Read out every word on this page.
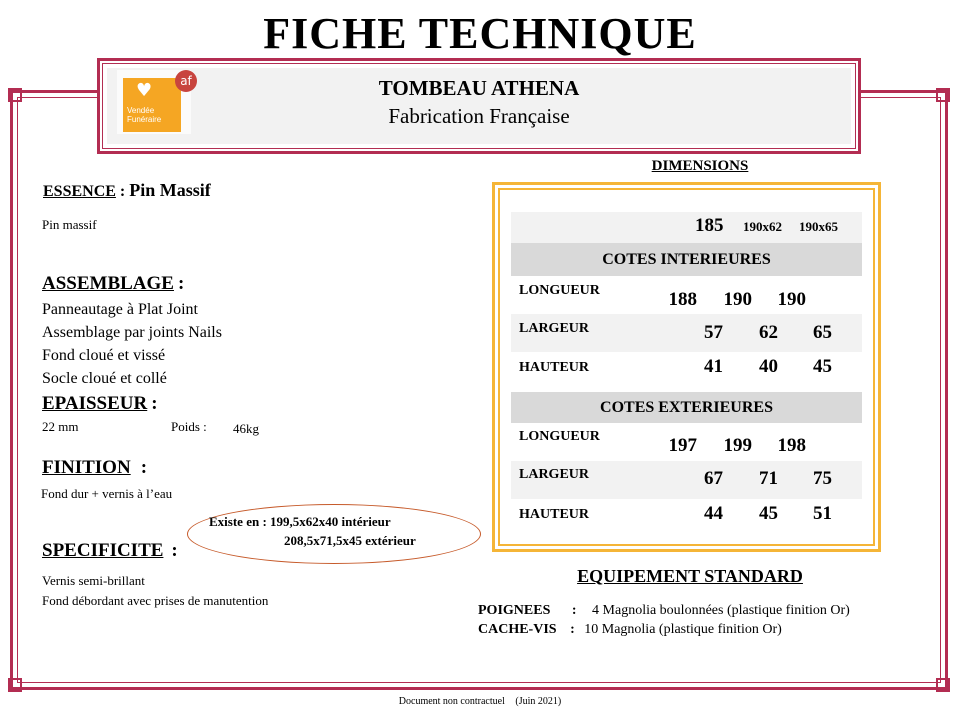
FICHE TECHNIQUE
♥
Vendée
Funéraire
af	TOMBEAU ATHENA
Fabrication Française
ESSENCE : Pin Massif
Pin massif
ASSEMBLAGE :
Panneautage à Plat Joint
Assemblage par joints Nails
Fond cloué et vissé
Socle cloué et collé
EPAISSEUR :
22 mm	Poids : 46kg
FINITION :
Fond dur + vernis à l’eau
Existe en : 199,5x62x40 intérieur
208,5x71,5x45 extérieur
SPECIFICITE :
Vernis semi-brillant
Fond débordant avec prises de manutention
DIMENSIONS
185 190x62 190x65
COTES INTERIEURES
LONGUEUR	188	190	190
LARGEUR	57	62	65
HAUTEUR	41	40	45
COTES EXTERIEURES
LONGUEUR	197	199	198
LARGEUR	67	71	75
HAUTEUR	44	45	51
EQUIPEMENT STANDARD
POIGNEES : 4 Magnolia boulonnées (plastique finition Or)
CACHE-VIS : 10 Magnolia (plastique finition Or)
Document non contractuel (Juin 2021)
